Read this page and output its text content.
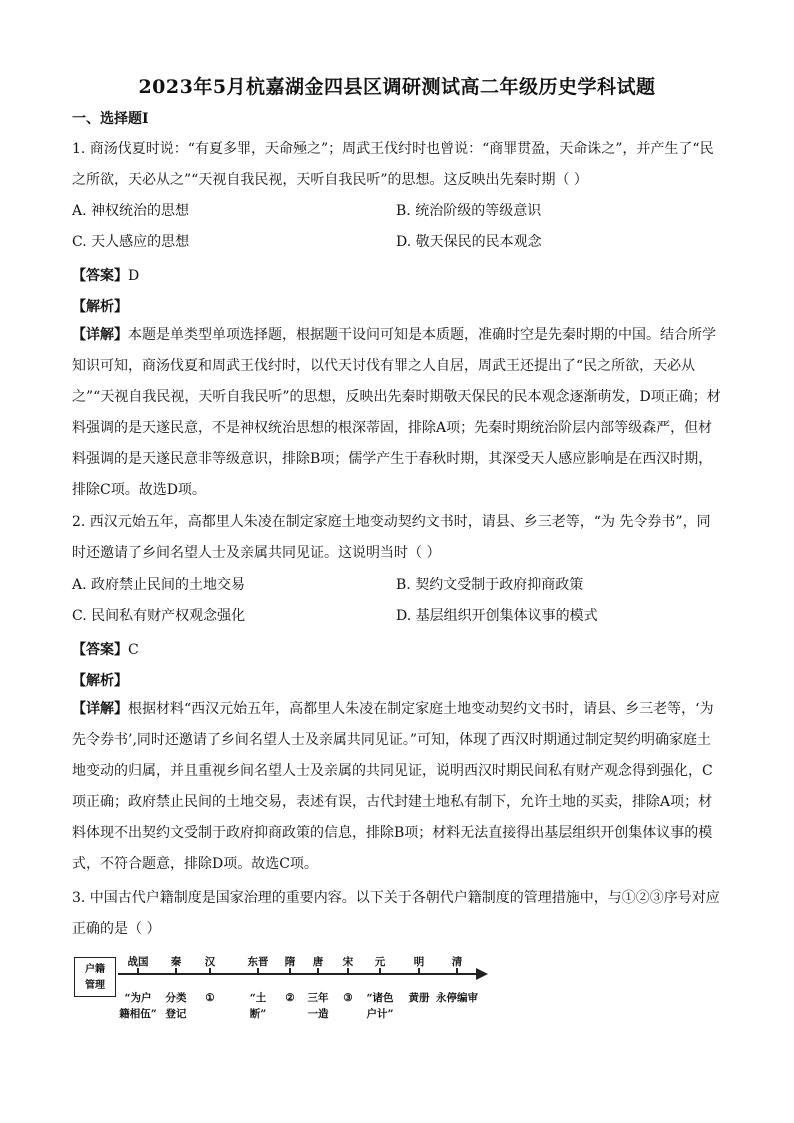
2023年5月杭嘉湖金四县区调研测试高二年级历史学科试题
一、选择题Ⅰ
1. 商汤伐夏时说：“有夏多罪，天命殛之”；周武王伐纣时也曾说：“商罪贯盈，天命诛之”，并产生了“民
之所欲，天必从之”“天视自我民视，天听自我民听”的思想。这反映出先秦时期（ ）
A. 神权统治的思想	B. 统治阶级的等级意识
C. 天人感应的思想	D. 敬天保民的民本观念
【答案】D
【解析】
【详解】本题是单类型单项选择题，根据题干设问可知是本质题，准确时空是先秦时期的中国。结合所学
知识可知，商汤伐夏和周武王伐纣时，以代天讨伐有罪之人自居，周武王还提出了“民之所欲，天必从
之”“天视自我民视，天听自我民听”的思想，反映出先秦时期敬天保民的民本观念逐渐萌发，D项正确；材
料强调的是天遂民意，不是神权统治思想的根深蒂固，排除A项；先秦时期统治阶层内部等级森严，但材
料强调的是天遂民意非等级意识，排除B项；儒学产生于春秋时期，其深受天人感应影响是在西汉时期，
排除C项。故选D项。
2. 西汉元始五年，高都里人朱凌在制定家庭土地变动契约文书时，请县、乡三老等，“为 先令券书”，同
时还邀请了乡间名望人士及亲属共同见证。这说明当时（ ）
A. 政府禁止民间的土地交易	B. 契约文受制于政府抑商政策
C. 民间私有财产权观念强化	D. 基层组织开创集体议事的模式
【答案】C
【解析】
【详解】根据材料“西汉元始五年，高都里人朱凌在制定家庭土地变动契约文书时，请县、乡三老等，‘为
先令券书’,同时还邀请了乡间名望人士及亲属共同见证。”可知，体现了西汉时期通过制定契约明确家庭土
地变动的归属，并且重视乡间名望人士及亲属的共同见证，说明西汉时期民间私有财产观念得到强化，C
项正确；政府禁止民间的土地交易，表述有误，古代封建土地私有制下，允许土地的买卖，排除A项；材
料体现不出契约文受制于政府抑商政策的信息，排除B项；材料无法直接得出基层组织开创集体议事的模
式，不符合题意，排除D项。故选C项。
3. 中国古代户籍制度是国家治理的重要内容。以下关于各朝代户籍制度的管理措施中，与①②③序号对应
正确的是（ ）
户籍
管理
战国
“为户
籍相伍”
秦
分类
登记
汉
①
东晋
“土
断”
隋
②
唐
三年
一造
宋
③
元
“诸色
户计”
明
黄册
清
永停编审
